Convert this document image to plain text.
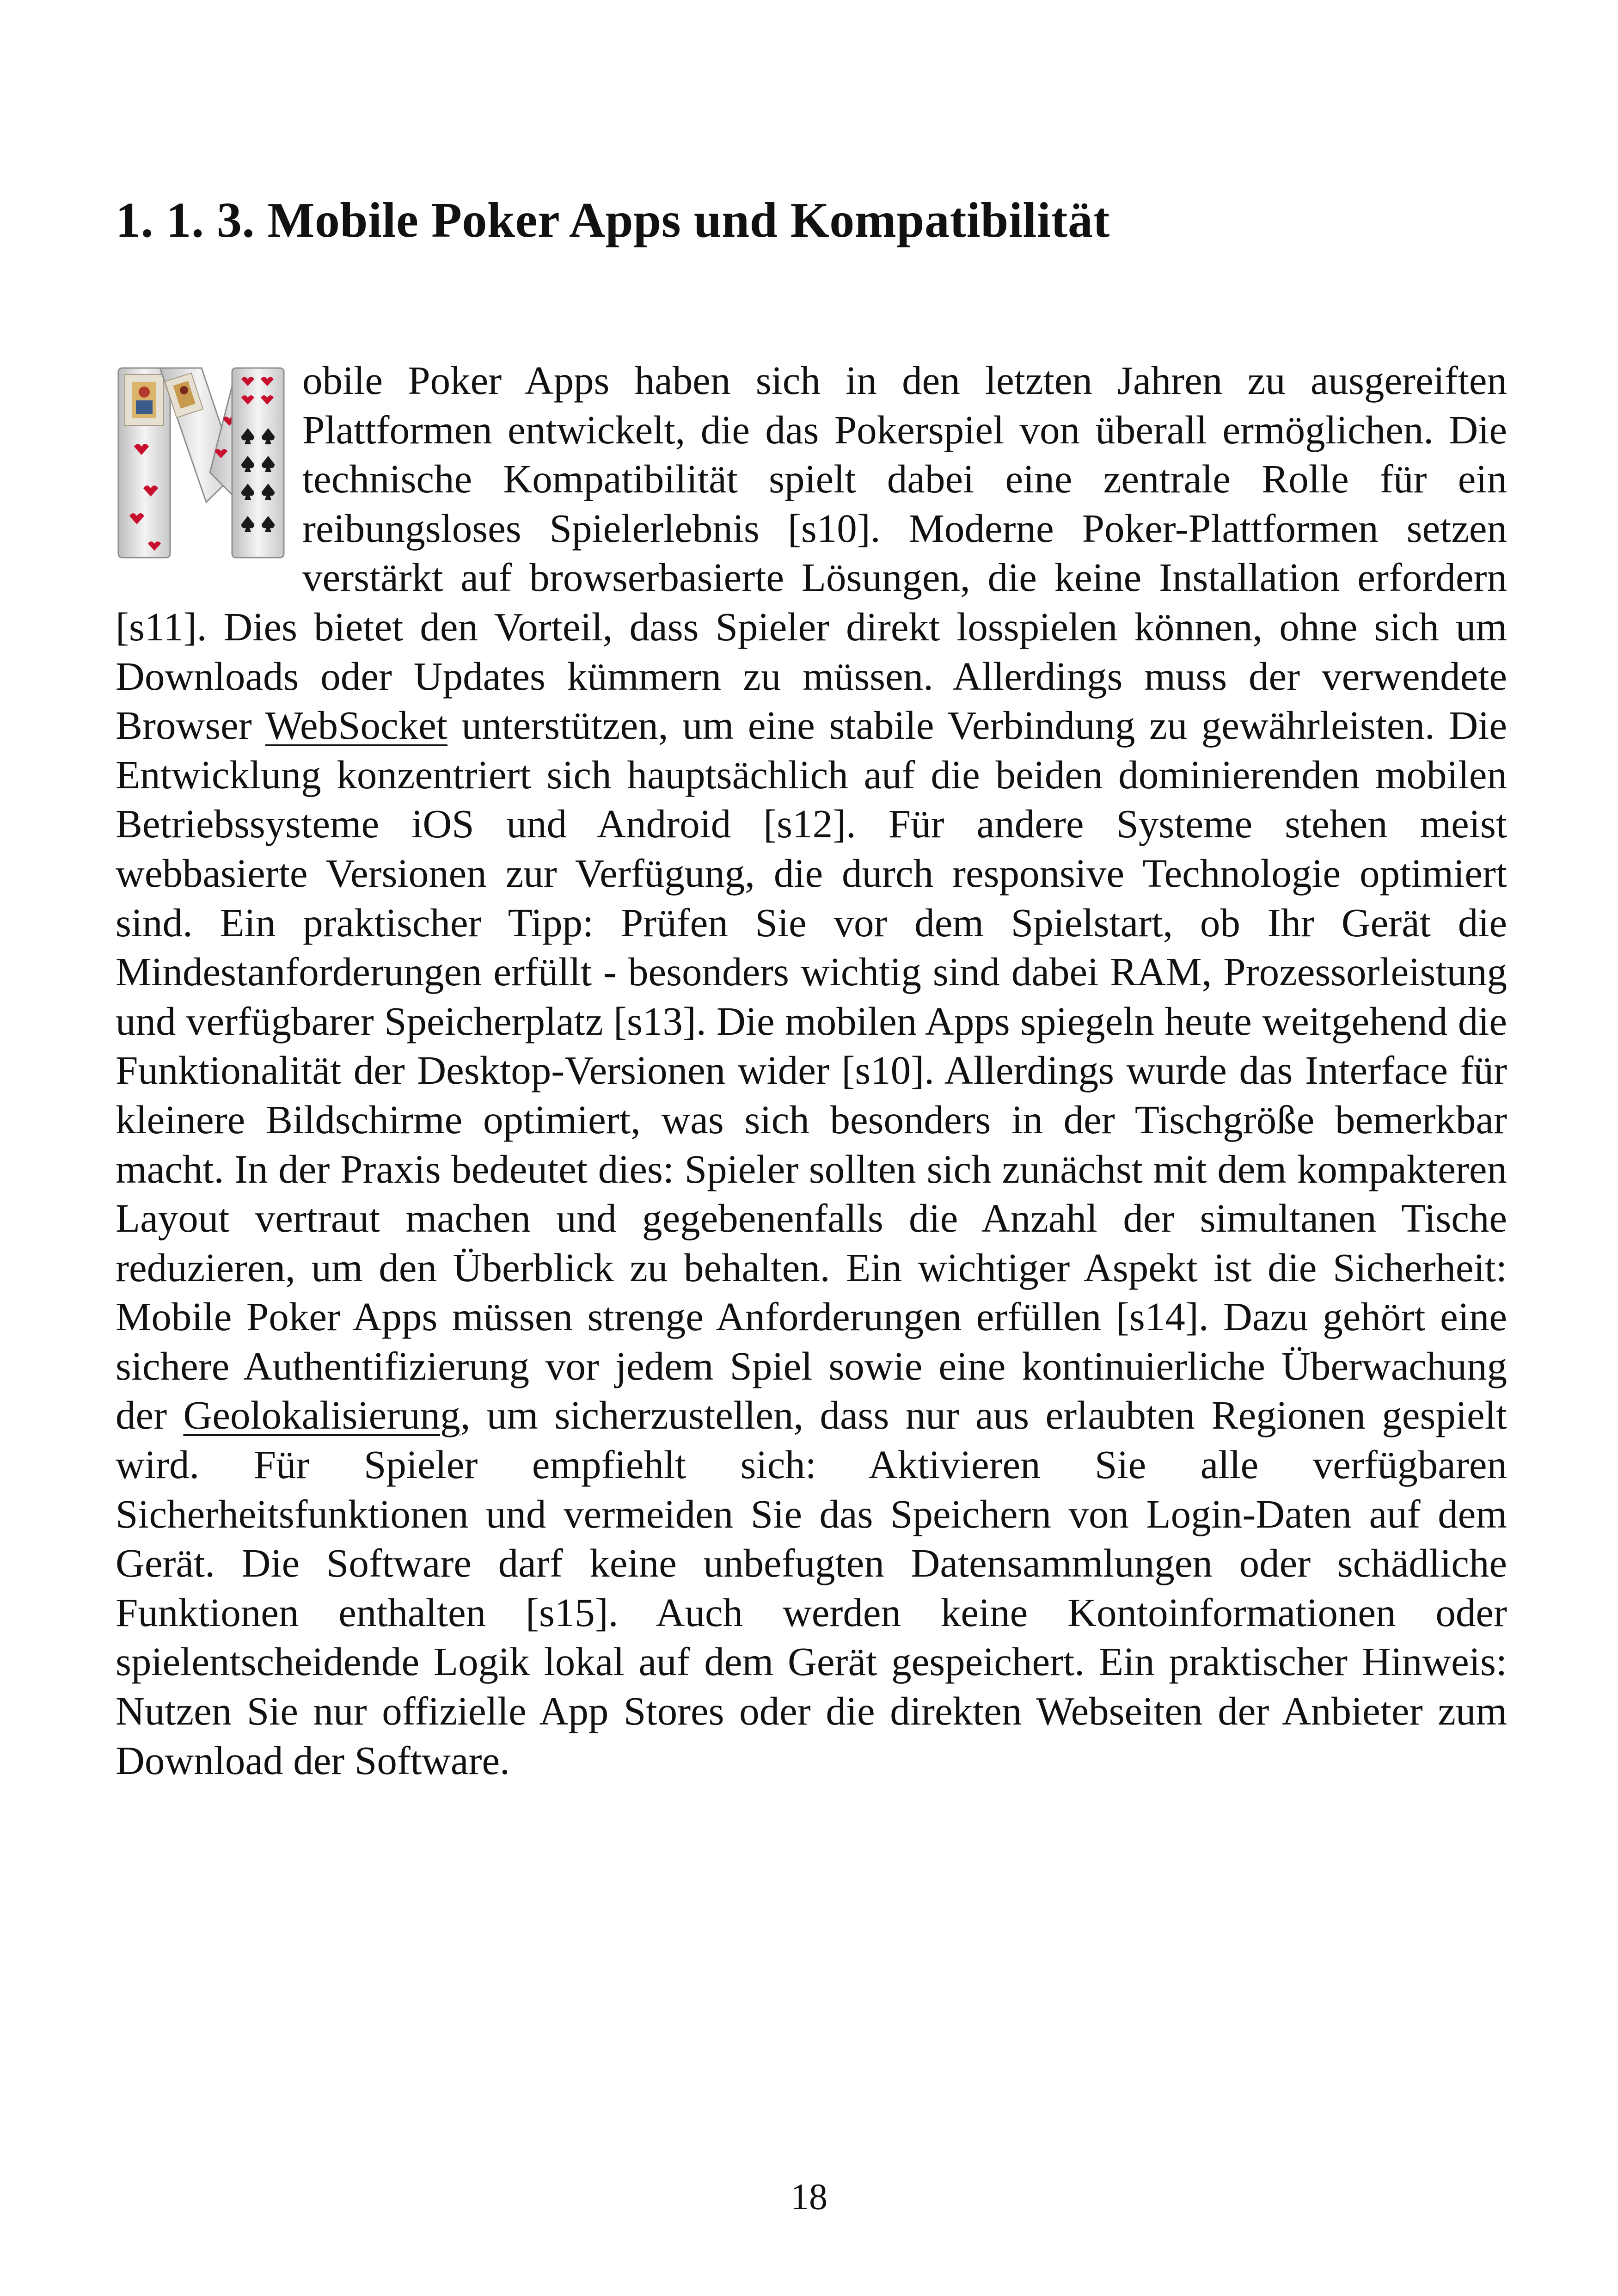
1. 1. 3. Mobile Poker Apps und Kompatibilität

obile Poker Apps haben sich in den letzten Jahren zu ausgereiften Plattformen entwickelt, die das Pokerspiel von überall ermöglichen. Die technische Kompatibilität spielt dabei eine zentrale Rolle für ein reibungsloses Spielerlebnis [s10]. Moderne Poker-Plattformen setzen verstärkt auf browserbasierte Lösungen, die keine Installation erfordern [s11]. Dies bietet den Vorteil, dass Spieler direkt losspielen können, ohne sich um Downloads oder Updates kümmern zu müssen. Allerdings muss der verwendete Browser WebSocket unterstützen, um eine stabile Verbindung zu gewährleisten. Die Entwicklung konzentriert sich hauptsächlich auf die beiden dominierenden mobilen Betriebssysteme iOS und Android [s12]. Für andere Systeme stehen meist webbasierte Versionen zur Verfügung, die durch responsive Technologie optimiert sind. Ein praktischer Tipp: Prüfen Sie vor dem Spielstart, ob Ihr Gerät die Mindestanforderungen erfüllt - besonders wichtig sind dabei RAM, Prozessorleistung und verfügbarer Speicherplatz [s13]. Die mobilen Apps spiegeln heute weitgehend die Funktionalität der Desktop-Versionen wider [s10]. Allerdings wurde das Interface für kleinere Bildschirme optimiert, was sich besonders in der Tischgröße bemerkbar macht. In der Praxis bedeutet dies: Spieler sollten sich zunächst mit dem kompakteren Layout vertraut machen und gegebenenfalls die Anzahl der simultanen Tische reduzieren, um den Überblick zu behalten. Ein wichtiger Aspekt ist die Sicherheit: Mobile Poker Apps müssen strenge Anforderungen erfüllen [s14]. Dazu gehört eine sichere Authentifizierung vor jedem Spiel sowie eine kontinuierliche Überwachung der Geolokalisierung, um sicherzustellen, dass nur aus erlaubten Regionen gespielt wird. Für Spieler empfiehlt sich: Aktivieren Sie alle verfügbaren Sicherheitsfunktionen und vermeiden Sie das Speichern von Login-Daten auf dem Gerät. Die Software darf keine unbefugten Datensammlungen oder schädliche Funktionen enthalten [s15]. Auch werden keine Kontoinformationen oder spielentscheidende Logik lokal auf dem Gerät gespeichert. Ein praktischer Hinweis: Nutzen Sie nur offizielle App Stores oder die direkten Webseiten der Anbieter zum Download der Software.

18
